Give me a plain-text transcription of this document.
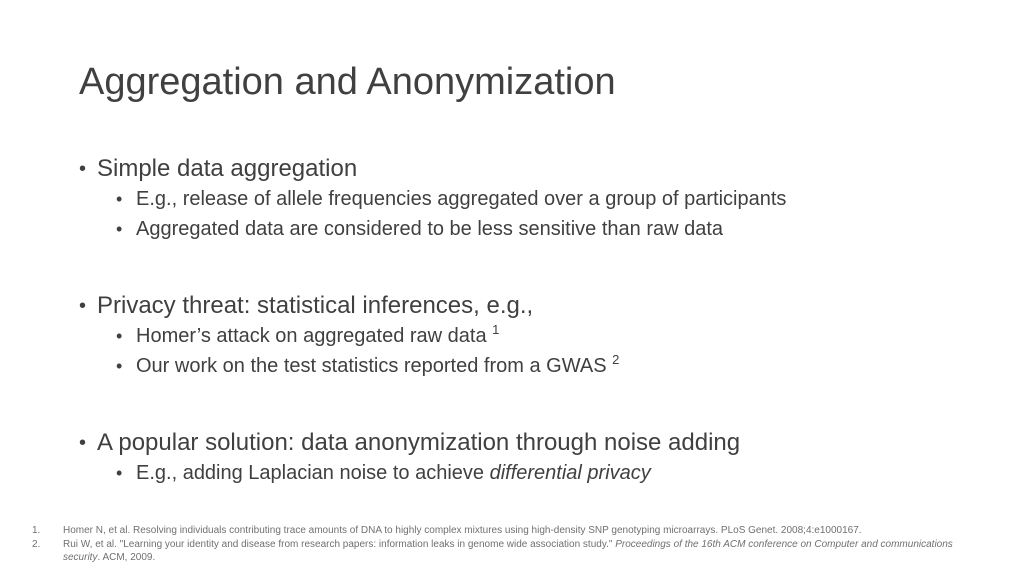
Aggregation and Anonymization
• Simple data aggregation
• E.g., release of allele frequencies aggregated over a group of participants
• Aggregated data are considered to be less sensitive than raw data
• Privacy threat: statistical inferences, e.g.,
• Homer’s attack on aggregated raw data $^1$
• Our work on the test statistics reported from a GWAS $^2$
• A popular solution: data anonymization through noise adding
• E.g., adding Laplacian noise to achieve differential privacy
1. Homer N, et al. Resolving individuals contributing trace amounts of DNA to highly complex mixtures using high-density SNP genotyping microarrays. PLoS Genet. 2008;4:e1000167.
2. Rui W, et al. "Learning your identity and disease from research papers: information leaks in genome wide association study." Proceedings of the 16th ACM conference on Computer and communications security. ACM, 2009.
